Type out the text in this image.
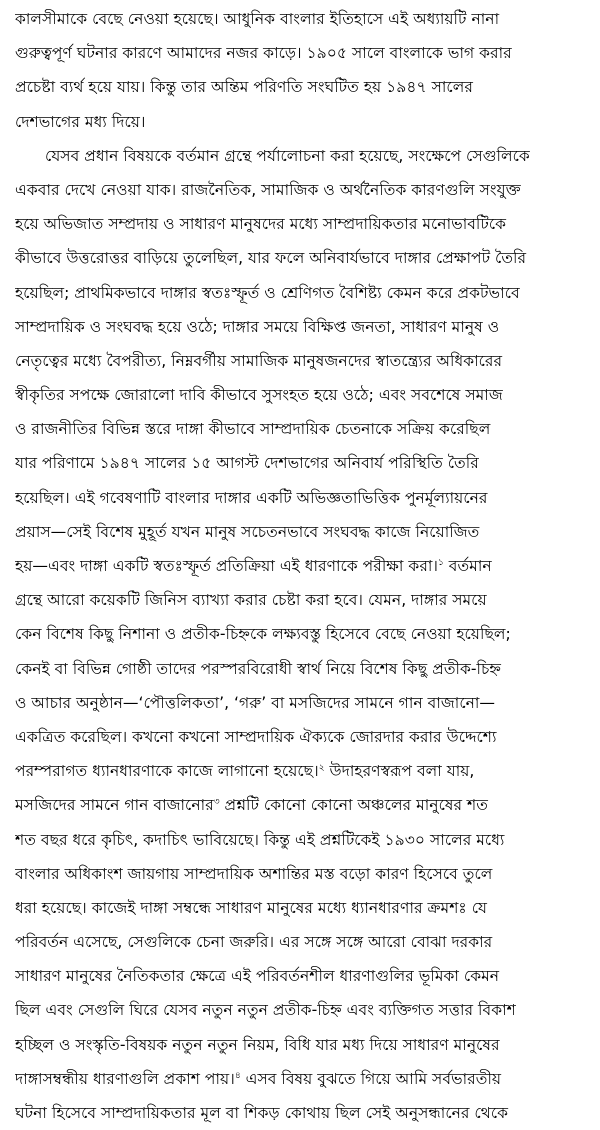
কালসীমাকে বেছে নেওয়া হয়েছে। আধুনিক বাংলার ইতিহাসে এই অধ্যায়টি নানা
গুরুত্বপূর্ণ ঘটনার কারণে আমাদের নজর কাড়ে। ১৯০৫ সালে বাংলাকে ভাগ করার
প্রচেষ্টা ব্যর্থ হয়ে যায়। কিন্তু তার অন্তিম পরিণতি সংঘটিত হয় ১৯৪৭ সালের
দেশভাগের মধ্য দিয়ে।
যেসব প্রধান বিষয়কে বর্তমান গ্রন্থে পর্যালোচনা করা হয়েছে, সংক্ষেপে সেগুলিকে
একবার দেখে নেওয়া যাক। রাজনৈতিক, সামাজিক ও অর্থনৈতিক কারণগুলি সংযুক্ত
হয়ে অভিজাত সম্প্রদায় ও সাধারণ মানুষদের মধ্যে সাম্প্রদায়িকতার মনোভাবটিকে
কীভাবে উত্তরোত্তর বাড়িয়ে তুলেছিল, যার ফলে অনিবার্যভাবে দাঙ্গার প্রেক্ষাপট তৈরি
হয়েছিল; প্রাথমিকভাবে দাঙ্গার স্বতঃস্ফূর্ত ও শ্রেণিগত বৈশিষ্ট্য কেমন করে প্রকটভাবে
সাম্প্রদায়িক ও সংঘবদ্ধ হয়ে ওঠে; দাঙ্গার সময়ে বিক্ষিপ্ত জনতা, সাধারণ মানুষ ও
নেতৃত্বের মধ্যে বৈপরীত্য, নিম্নবর্গীয় সামাজিক মানুষজনদের স্বাতন্ত্র্যের অধিকারের
স্বীকৃতির সপক্ষে জোরালো দাবি কীভাবে সুসংহত হয়ে ওঠে; এবং সবশেষে সমাজ
ও রাজনীতির বিভিন্ন স্তরে দাঙ্গা কীভাবে সাম্প্রদায়িক চেতনাকে সক্রিয় করেছিল
যার পরিণামে ১৯৪৭ সালের ১৫ আগস্ট দেশভাগের অনিবার্য পরিস্থিতি তৈরি
হয়েছিল। এই গবেষণাটি বাংলার দাঙ্গার একটি অভিজ্ঞতাভিত্তিক পুনর্মূল্যায়নের
প্রয়াস—সেই বিশেষ মুহূর্ত যখন মানুষ সচেতনভাবে সংঘবদ্ধ কাজে নিয়োজিত
হয়—এবং দাঙ্গা একটি স্বতঃস্ফূর্ত প্রতিক্রিয়া এই ধারণাকে পরীক্ষা করা।$^১$ বর্তমান
গ্রন্থে আরো কয়েকটি জিনিস ব্যাখ্যা করার চেষ্টা করা হবে। যেমন, দাঙ্গার সময়ে
কেন বিশেষ কিছু নিশানা ও প্রতীক-চিহ্নকে লক্ষ্যবস্তু হিসেবে বেছে নেওয়া হয়েছিল;
কেনই বা বিভিন্ন গোষ্ঠী তাদের পরস্পরবিরোধী স্বার্থ নিয়ে বিশেষ কিছু প্রতীক-চিহ্ন
ও আচার অনুষ্ঠান—‘পৌত্তলিকতা’, ‘গরু’ বা মসজিদের সামনে গান বাজানো—
একত্রিত করেছিল। কখনো কখনো সাম্প্রদায়িক ঐক্যকে জোরদার করার উদ্দেশ্যে
পরম্পরাগত ধ্যানধারণাকে কাজে লাগানো হয়েছে।$^২$ উদাহরণস্বরূপ বলা যায়,
মসজিদের সামনে গান বাজানোর$^৩$ প্রশ্নটি কোনো কোনো অঞ্চলের মানুষের শত
শত বছর ধরে কৃচিৎ, কদাচিৎ ভাবিয়েছে। কিন্তু এই প্রশ্নটিকেই ১৯৩০ সালের মধ্যে
বাংলার অধিকাংশ জায়গায় সাম্প্রদায়িক অশান্তির মস্ত বড়ো কারণ হিসেবে তুলে
ধরা হয়েছে। কাজেই দাঙ্গা সম্বন্ধে সাধারণ মানুষের মধ্যে ধ্যানধারণার ক্রমশঃ যে
পরিবর্তন এসেছে, সেগুলিকে চেনা জরুরি। এর সঙ্গে সঙ্গে আরো বোঝা দরকার
সাধারণ মানুষের নৈতিকতার ক্ষেত্রে এই পরিবর্তনশীল ধারণাগুলির ভূমিকা কেমন
ছিল এবং সেগুলি ঘিরে যেসব নতুন নতুন প্রতীক-চিহ্ন এবং ব্যক্তিগত সত্তার বিকাশ
হচ্ছিল ও সংস্কৃতি-বিষয়ক নতুন নতুন নিয়ম, বিধি যার মধ্য দিয়ে সাধারণ মানুষের
দাঙ্গাসম্বন্ধীয় ধারণাগুলি প্রকাশ পায়।$^৪$ এসব বিষয় বুঝতে গিয়ে আমি সর্বভারতীয়
ঘটনা হিসেবে সাম্প্রদায়িকতার মূল বা শিকড় কোথায় ছিল সেই অনুসন্ধানের থেকে
